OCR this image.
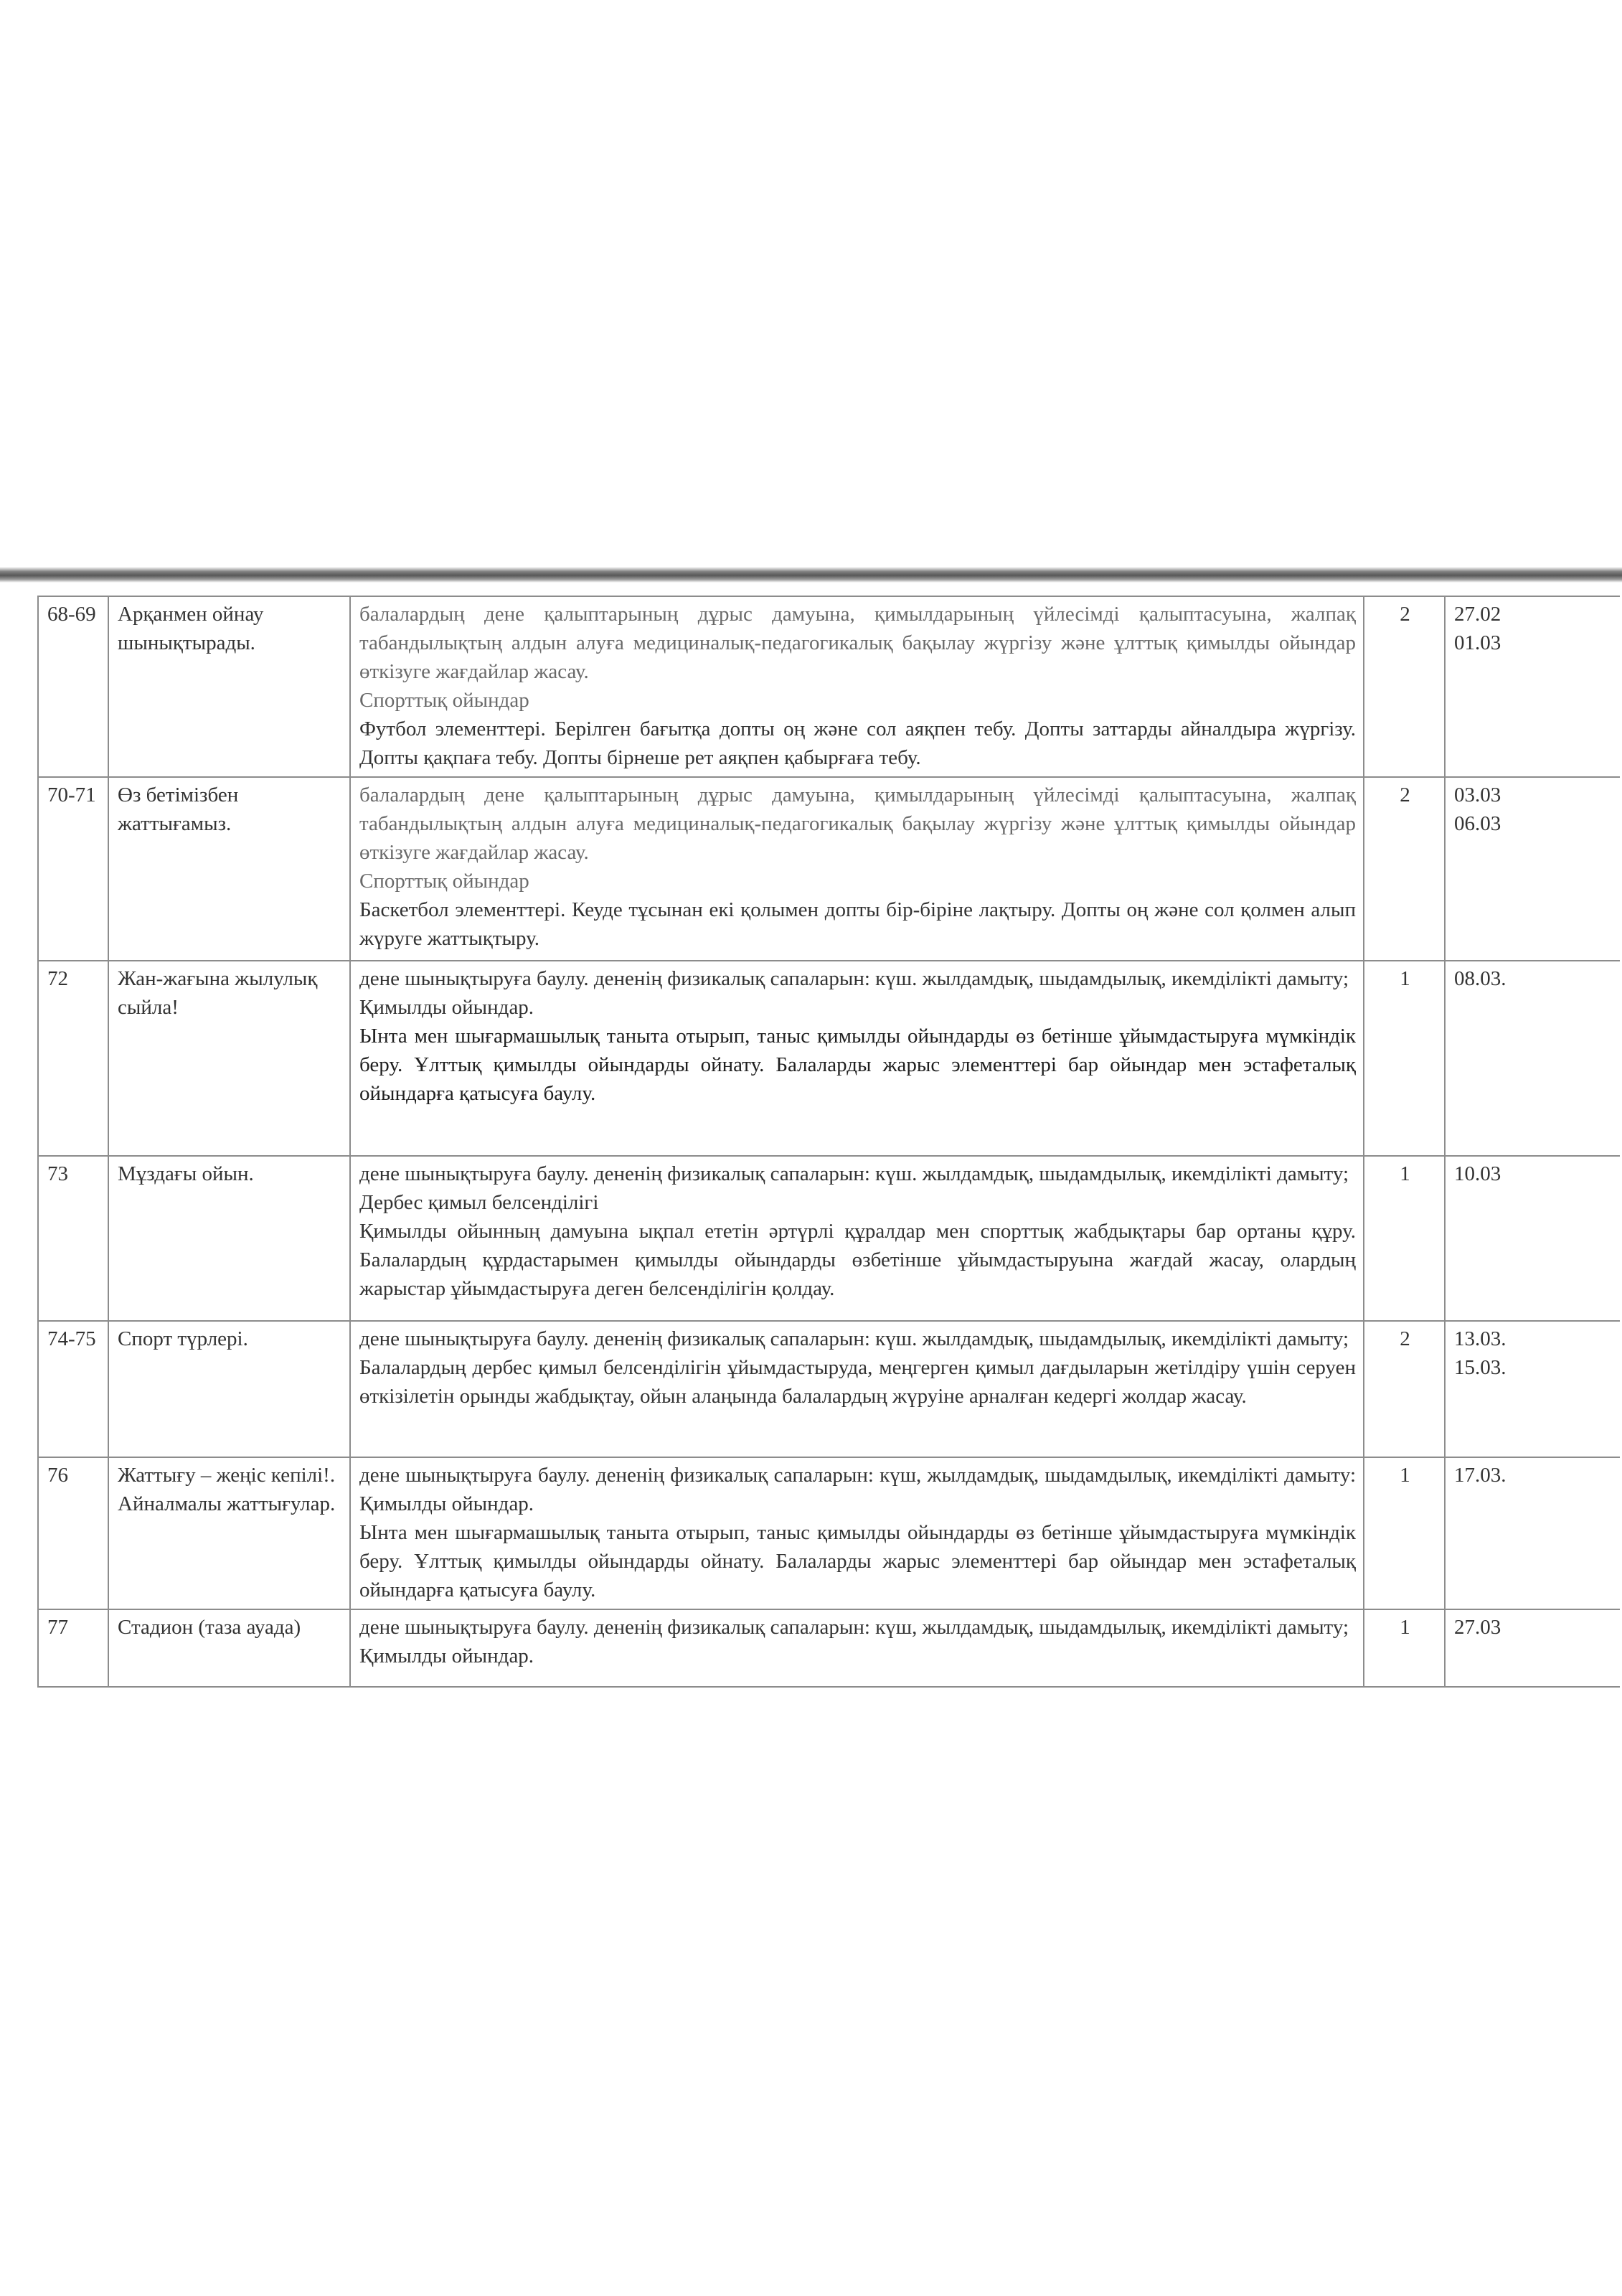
68-69	Арқанмен ойнау шынықтырады.	балалардың дене қалыптарының дұрыс дамуына, қимылдарының үйлесімді қалыптасуына, жалпақ табандылықтың алдын алуға медициналық-педагогикалық бақылау жүргізу және ұлттық қимылды ойындар өткізуге жағдайлар жасау.
Спорттық ойындар
Футбол элементтері. Берілген бағытқа допты оң және сол аяқпен тебу. Допты заттарды айналдыра жүргізу. Допты қақпаға тебу. Допты бірнеше рет аяқпен қабырғаға тебу.	2	27.02
01.03

70-71	Өз бетімізбен жаттығамыз.	балалардың дене қалыптарының дұрыс дамуына, қимылдарының үйлесімді қалыптасуына, жалпақ табандылықтың алдын алуға медициналық-педагогикалық бақылау жүргізу және ұлттық қимылды ойындар өткізуге жағдайлар жасау.
Спорттық ойындар
Баскетбол элементтері. Кеуде тұсынан екі қолымен допты бір-біріне лақтыру. Допты оң және сол қолмен алып жүруге жаттықтыру.	2	03.03
06.03

72	Жан-жағына жылулық сыйла!	дене шынықтыруға баулу. дененің физикалық сапаларын: күш. жылдамдық, шыдамдылық, икемділікті дамыту;
Қимылды ойындар.
Ынта мен шығармашылық таныта отырып, таныс қимылды ойындарды өз бетінше ұйымдастыруға мүмкіндік беру. Ұлттық қимылды ойындарды ойнату. Балаларды жарыс элементтері бар ойындар мен эстафеталық ойындарға қатысуға баулу.	1	08.03.

73	Мұздағы ойын.	дене шынықтыруға баулу. дененің физикалық сапаларын: күш. жылдамдық, шыдамдылық, икемділікті дамыту;
Дербес қимыл белсенділігі
Қимылды ойынның дамуына ықпал ететін әртүрлі құралдар мен спорттық жабдықтары бар ортаны құру. Балалардың құрдастарымен қимылды ойындарды өзбетінше ұйымдастыруына жағдай жасау, олардың жарыстар ұйымдастыруға деген белсенділігін қолдау.	1	10.03

74-75	Спорт түрлері.	дене шынықтыруға баулу. дененің физикалық сапаларын: күш. жылдамдық, шыдамдылық, икемділікті дамыту;
Балалардың дербес қимыл белсенділігін ұйымдастыруда, меңгерген қимыл дағдыларын жетілдіру үшін серуен өткізілетін орынды жабдықтау, ойын алаңында балалардың жүруіне арналған кедергі жолдар жасау.	2	13.03.
15.03.

76	Жаттығу – жеңіс кепілі!. Айналмалы жаттығулар.	дене шынықтыруға баулу. дененің физикалық сапаларын: күш, жылдамдық, шыдамдылық, икемділікті дамыту: Қимылды ойындар.
Ынта мен шығармашылық таныта отырып, таныс қимылды ойындарды өз бетінше ұйымдастыруға мүмкіндік беру. Ұлттық қимылды ойындарды ойнату. Балаларды жарыс элементтері бар ойындар мен эстафеталық ойындарға қатысуға баулу.	1	17.03.

77	Стадион (таза ауада)	дене шынықтыруға баулу. дененің физикалық сапаларын: күш, жылдамдық, шыдамдылық, икемділікті дамыту;
Қимылды ойындар.	1	27.03
